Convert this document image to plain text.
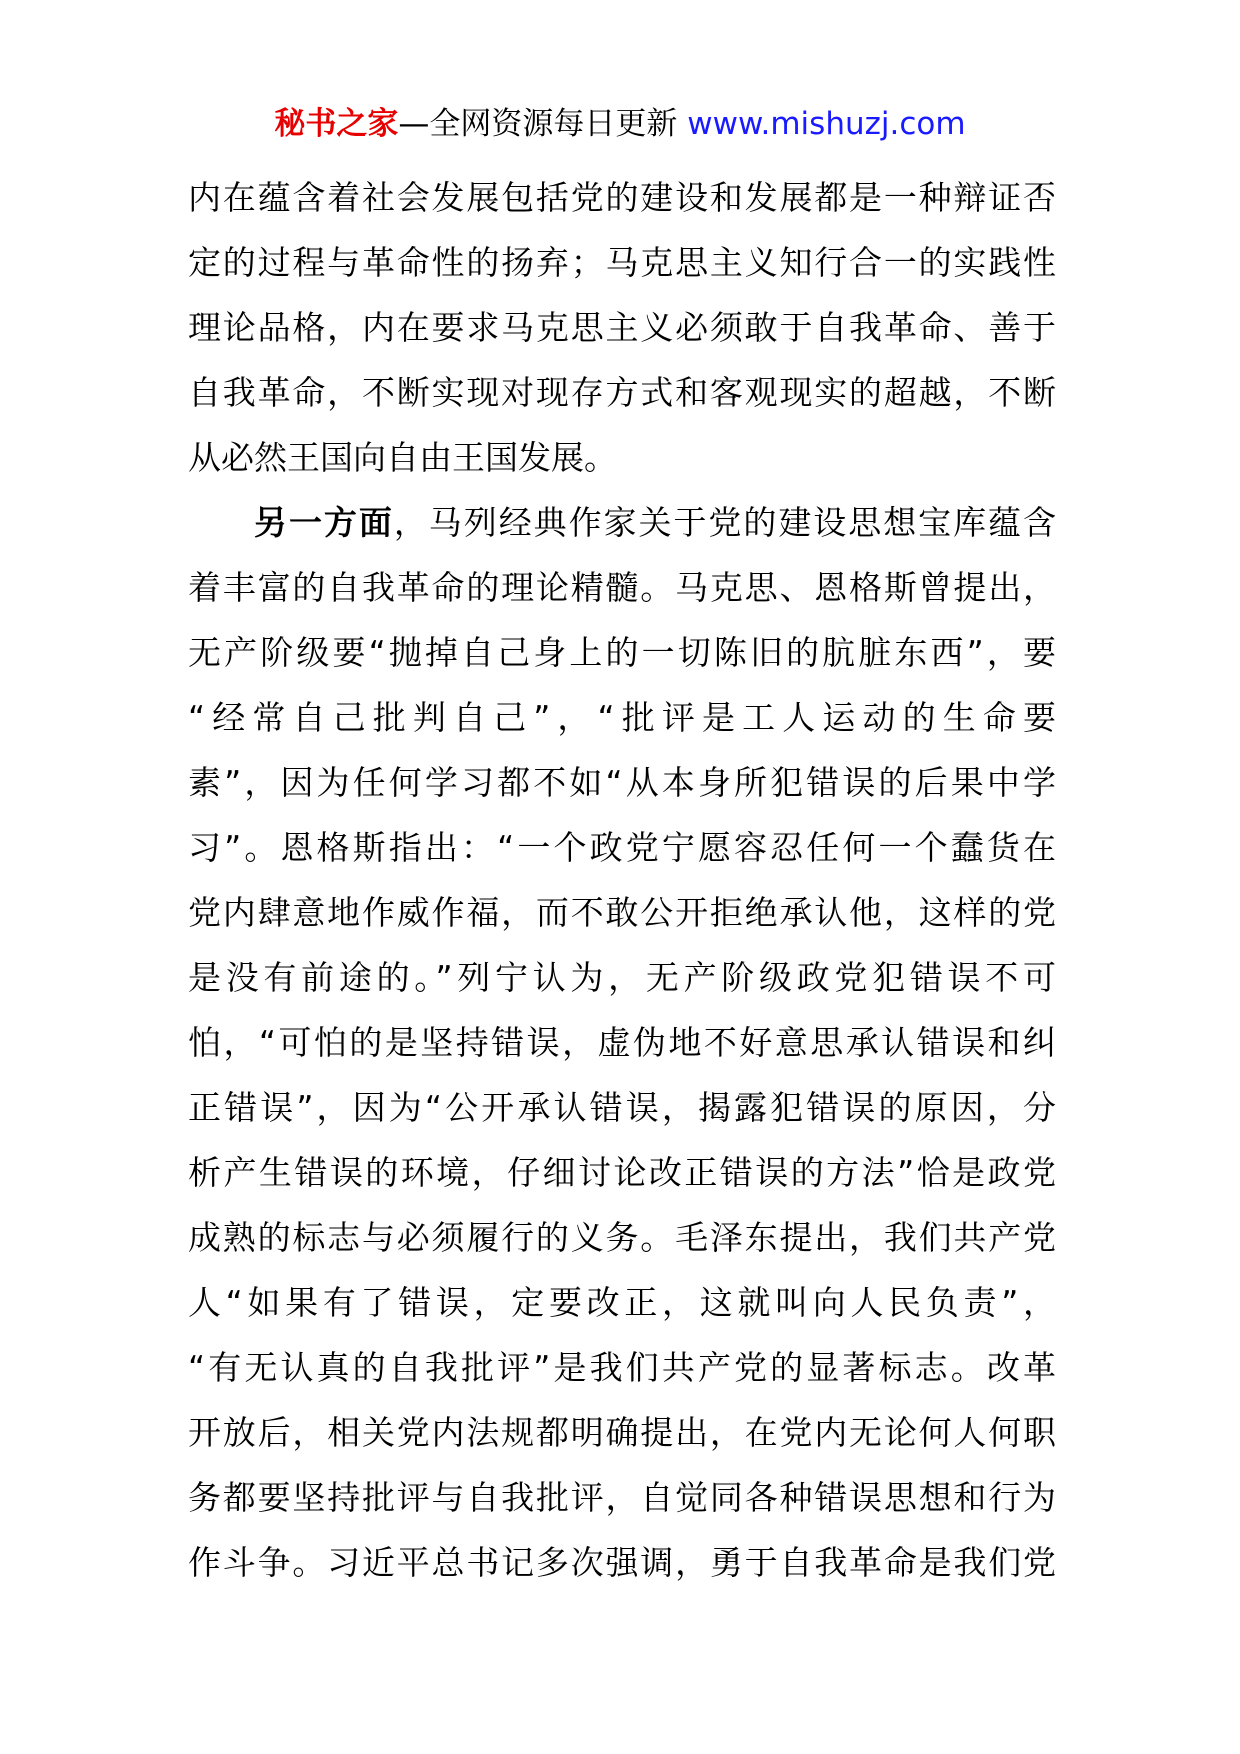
秘书之家—全网资源每日更新 www.mishuzj.com
内在蕴含着社会发展包括党的建设和发展都是一种辩证否
定的过程与革命性的扬弃；马克思主义知行合一的实践性
理论品格，内在要求马克思主义必须敢于自我革命、善于
自我革命，不断实现对现存方式和客观现实的超越，不断
从必然王国向自由王国发展。
另一方面，马列经典作家关于党的建设思想宝库蕴含
着丰富的自我革命的理论精髓。马克思、恩格斯曾提出，
无产阶级要“抛掉自己身上的一切陈旧的肮脏东西”，要
“经常自己批判自己”，“批评是工人运动的生命要
素”，因为任何学习都不如“从本身所犯错误的后果中学
习”。恩格斯指出：“一个政党宁愿容忍任何一个蠢货在
党内肆意地作威作福，而不敢公开拒绝承认他，这样的党
是没有前途的。”列宁认为，无产阶级政党犯错误不可
怕，“可怕的是坚持错误，虚伪地不好意思承认错误和纠
正错误”，因为“公开承认错误，揭露犯错误的原因，分
析产生错误的环境，仔细讨论改正错误的方法”恰是政党
成熟的标志与必须履行的义务。毛泽东提出，我们共产党
人“如果有了错误，定要改正，这就叫向人民负责”，
“有无认真的自我批评”是我们共产党的显著标志。改革
开放后，相关党内法规都明确提出，在党内无论何人何职
务都要坚持批评与自我批评，自觉同各种错误思想和行为
作斗争。习近平总书记多次强调，勇于自我革命是我们党
